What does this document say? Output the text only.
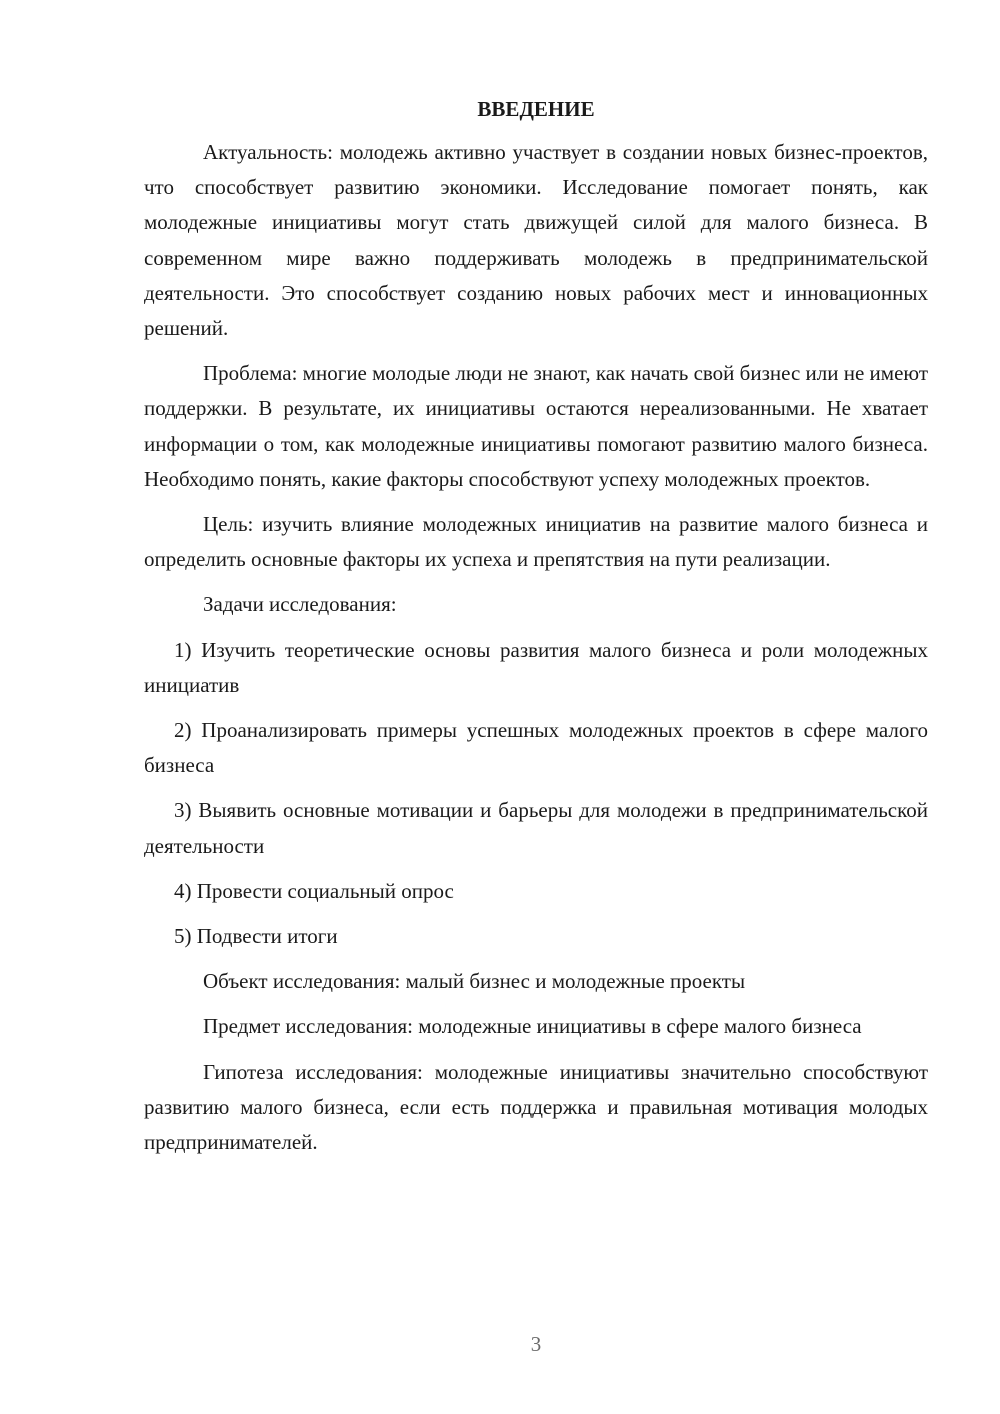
ВВЕДЕНИЕ

Актуальность: молодежь активно участвует в создании новых бизнес-проектов, что способствует развитию экономики. Исследование помогает понять, как молодежные инициативы могут стать движущей силой для малого бизнеса. В современном мире важно поддерживать молодежь в предпринимательской деятельности. Это способствует созданию новых рабочих мест и инновационных решений.

Проблема: многие молодые люди не знают, как начать свой бизнес или не имеют поддержки. В результате, их инициативы остаются нереализованными. Не хватает информации о том, как молодежные инициативы помогают развитию малого бизнеса. Необходимо понять, какие факторы способствуют успеху молодежных проектов.

Цель: изучить влияние молодежных инициатив на развитие малого бизнеса и определить основные факторы их успеха и препятствия на пути реализации.

Задачи исследования:

1) Изучить теоретические основы развития малого бизнеса и роли молодежных инициатив

2) Проанализировать примеры успешных молодежных проектов в сфере малого бизнеса

3) Выявить основные мотивации и барьеры для молодежи в предпринимательской деятельности

4) Провести социальный опрос

5) Подвести итоги

Объект исследования: малый бизнес и молодежные проекты

Предмет исследования: молодежные инициативы в сфере малого бизнеса

Гипотеза исследования: молодежные инициативы значительно способствуют развитию малого бизнеса, если есть поддержка и правильная мотивация молодых предпринимателей.

3
